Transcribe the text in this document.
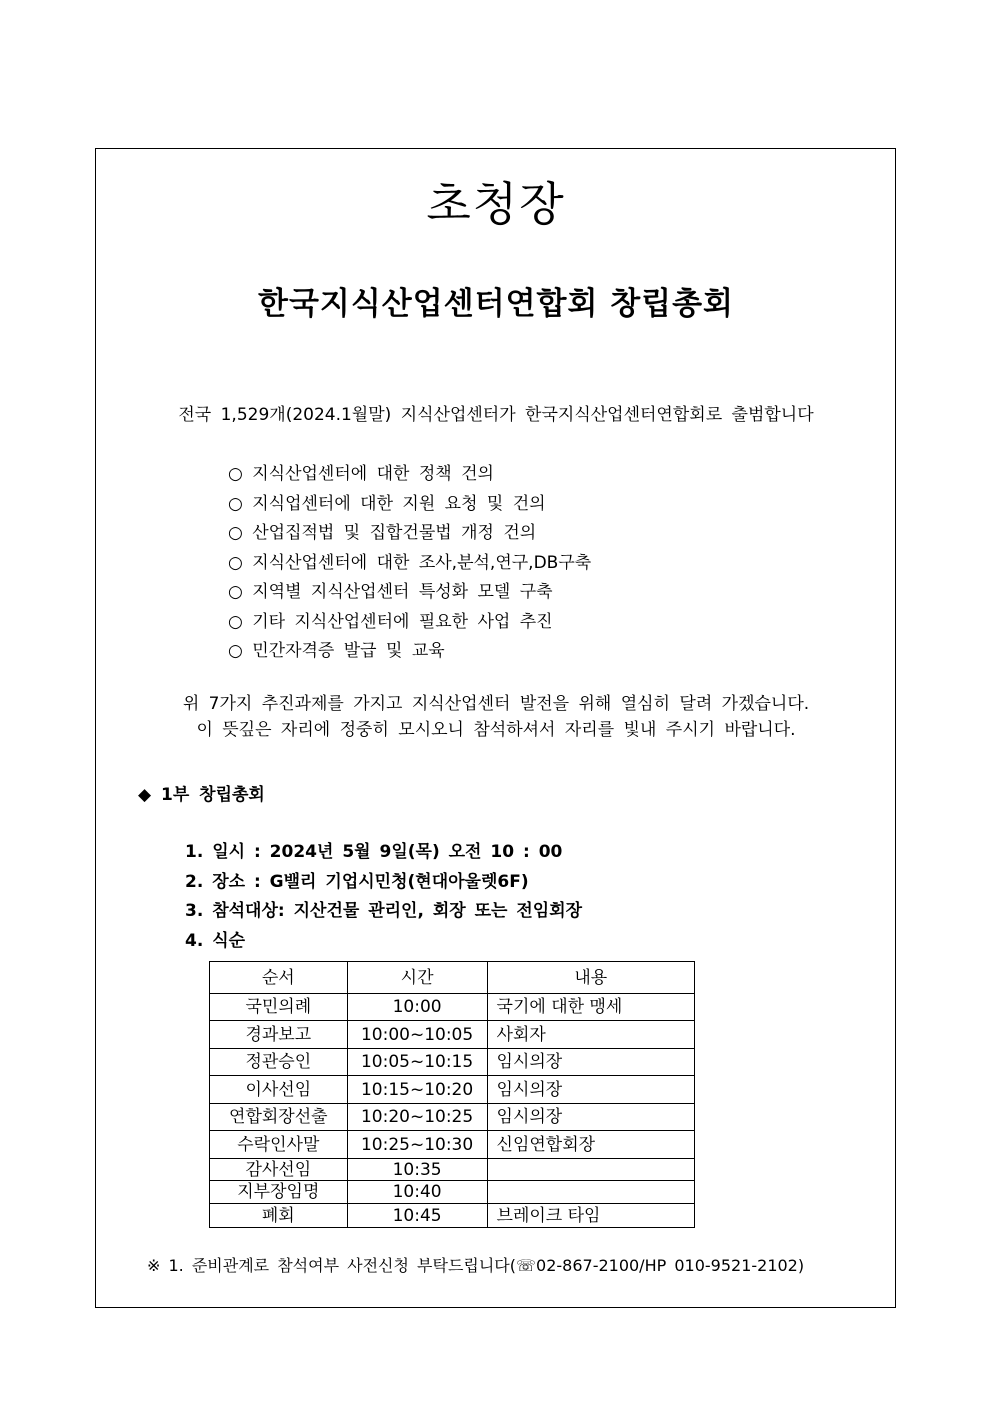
초청장
한국지식산업센터연합회 창립총회
전국 1,529개(2024.1월말) 지식산업센터가 한국지식산업센터연합회로 출범합니다
○ 지식산업센터에 대한 정책 건의
○ 지식업센터에 대한 지원 요청 및 건의
○ 산업집적법 및 집합건물법 개정 건의
○ 지식산업센터에 대한 조사,분석,연구,DB구축
○ 지역별 지식산업센터 특성화 모델 구축
○ 기타 지식산업센터에 필요한 사업 추진
○ 민간자격증 발급 및 교육
위 7가지 추진과제를 가지고 지식산업센터 발전을 위해 열심히 달려 가겠습니다.
이 뜻깊은 자리에 정중히 모시오니 참석하셔서 자리를 빛내 주시기 바랍니다.
◆ 1부 창립총회
1. 일시 : 2024년 5월 9일(목) 오전 10 : 00
2. 장소 : G밸리 기업시민청(현대아울렛6F)
3. 참석대상: 지산건물 관리인, 회장 또는 전임회장
4. 식순
순서	시간	내용
국민의례	10:00	국기에 대한 맹세
경과보고	10:00~10:05	사회자
정관승인	10:05~10:15	임시의장
이사선임	10:15~10:20	임시의장
연합회장선출	10:20~10:25	임시의장
수락인사말	10:25~10:30	신임연합회장
감사선임	10:35	
지부장임명	10:40	
폐회	10:45	브레이크 타임
※ 1. 준비관계로 참석여부 사전신청 부탁드립니다(☏02-867-2100/HP 010-9521-2102)
